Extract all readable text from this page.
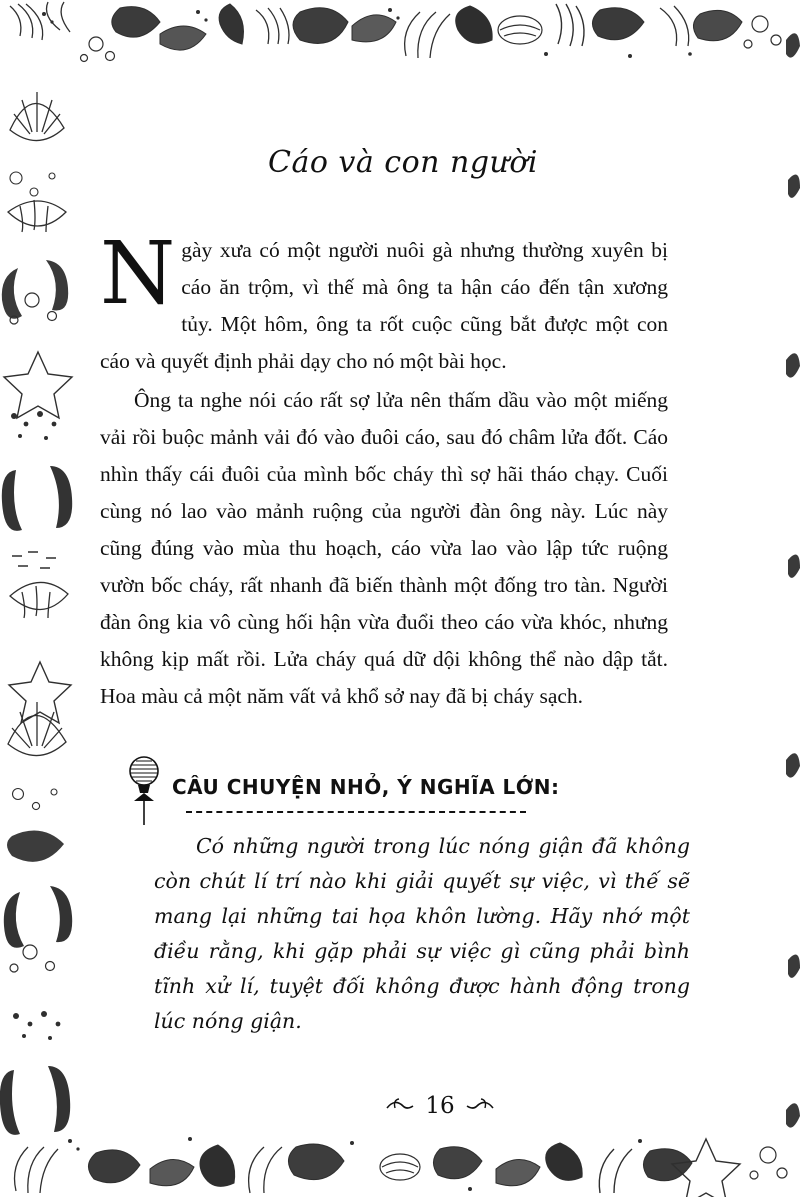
Cáo và con người

Ngày xưa có một người nuôi gà nhưng thường xuyên bị cáo ăn trộm, vì thế mà ông ta hận cáo đến tận xương tủy. Một hôm, ông ta rốt cuộc cũng bắt được một con cáo và quyết định phải dạy cho nó một bài học.

Ông ta nghe nói cáo rất sợ lửa nên thấm dầu vào một miếng vải rồi buộc mảnh vải đó vào đuôi cáo, sau đó châm lửa đốt. Cáo nhìn thấy cái đuôi của mình bốc cháy thì sợ hãi tháo chạy. Cuối cùng nó lao vào mảnh ruộng của người đàn ông này. Lúc này cũng đúng vào mùa thu hoạch, cáo vừa lao vào lập tức ruộng vườn bốc cháy, rất nhanh đã biến thành một đống tro tàn. Người đàn ông kia vô cùng hối hận vừa đuổi theo cáo vừa khóc, nhưng không kịp mất rồi. Lửa cháy quá dữ dội không thể nào dập tắt. Hoa màu cả một năm vất vả khổ sở nay đã bị cháy sạch.

CÂU CHUYỆN NHỎ, Ý NGHĨA LỚN:

Có những người trong lúc nóng giận đã không còn chút lí trí nào khi giải quyết sự việc, vì thế sẽ mang lại những tai họa khôn lường. Hãy nhớ một điều rằng, khi gặp phải sự việc gì cũng phải bình tĩnh xử lí, tuyệt đối không được hành động trong lúc nóng giận.

16
